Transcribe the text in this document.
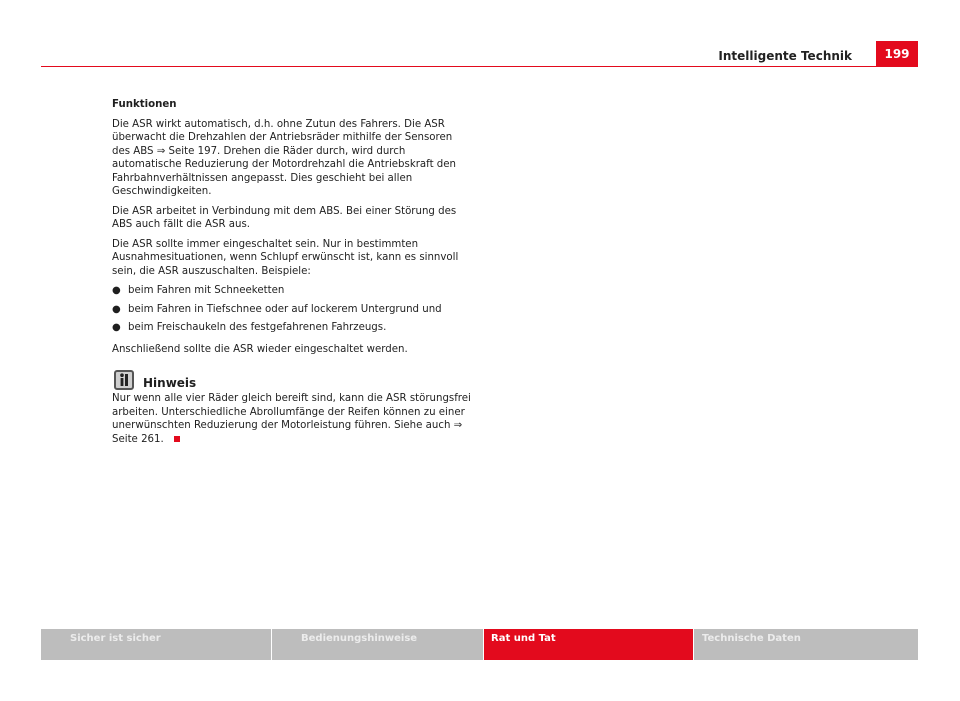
Intelligente Technik	199

Funktionen

Die ASR wirkt automatisch, d.h. ohne Zutun des Fahrers. Die ASR überwacht die Drehzahlen der Antriebsräder mithilfe der Sensoren des ABS ⇒ Seite 197. Drehen die Räder durch, wird durch automatische Reduzierung der Motordrehzahl die Antriebskraft den Fahrbahnverhältnissen angepasst. Dies geschieht bei allen Geschwindigkeiten.

Die ASR arbeitet in Verbindung mit dem ABS. Bei einer Störung des ABS auch fällt die ASR aus.

Die ASR sollte immer eingeschaltet sein. Nur in bestimmten Ausnahmesituationen, wenn Schlupf erwünscht ist, kann es sinnvoll sein, die ASR auszuschalten. Beispiele:

● beim Fahren mit Schneeketten
● beim Fahren in Tiefschnee oder auf lockerem Untergrund und
● beim Freischaukeln des festgefahrenen Fahrzeugs.

Anschließend sollte die ASR wieder eingeschaltet werden.

Hinweis

Nur wenn alle vier Räder gleich bereift sind, kann die ASR störungsfrei arbeiten. Unterschiedliche Abrollumfänge der Reifen können zu einer unerwünschten Reduzierung der Motorleistung führen. Siehe auch ⇒ Seite 261.

Sicher ist sicher	Bedienungshinweise	Rat und Tat	Technische Daten
